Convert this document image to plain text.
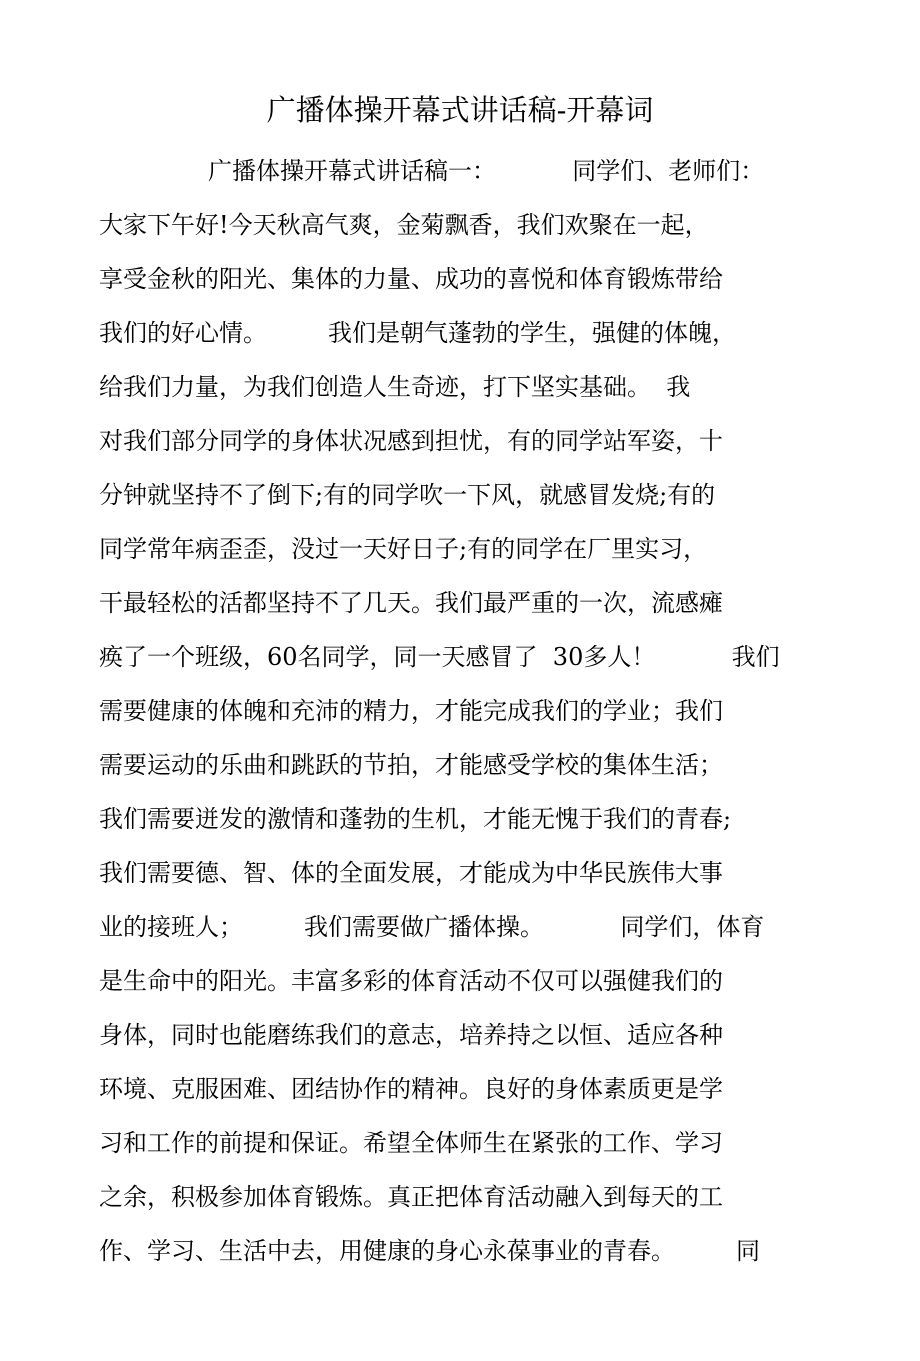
广播体操开幕式讲话稿-开幕词
广播体操开幕式讲话稿一：          同学们、老师们：
大家下午好!今天秋高气爽，金菊飘香，我们欢聚在一起，
享受金秋的阳光、集体的力量、成功的喜悦和体育锻炼带给
我们的好心情。        我们是朝气蓬勃的学生，强健的体魄，
给我们力量，为我们创造人生奇迹，打下坚实基础。  我
对我们部分同学的身体状况感到担忧，有的同学站军姿，十
分钟就坚持不了倒下;有的同学吹一下风，就感冒发烧;有的
同学常年病歪歪，没过一天好日子;有的同学在厂里实习，
干最轻松的活都坚持不了几天。我们最严重的一次，流感瘫
痪了一个班级，60名同学，同一天感冒了  30多人！          我们
需要健康的体魄和充沛的精力，才能完成我们的学业；我们
需要运动的乐曲和跳跃的节拍，才能感受学校的集体生活；
我们需要迸发的激情和蓬勃的生机，才能无愧于我们的青春;
我们需要德、智、体的全面发展，才能成为中华民族伟大事
业的接班人；        我们需要做广播体操。          同学们，体育
是生命中的阳光。丰富多彩的体育活动不仅可以强健我们的
身体，同时也能磨练我们的意志，培养持之以恒、适应各种
环境、克服困难、团结协作的精神。良好的身体素质更是学
习和工作的前提和保证。希望全体师生在紧张的工作、学习
之余，积极参加体育锻炼。真正把体育活动融入到每天的工
作、学习、生活中去，用健康的身心永葆事业的青春。        同
